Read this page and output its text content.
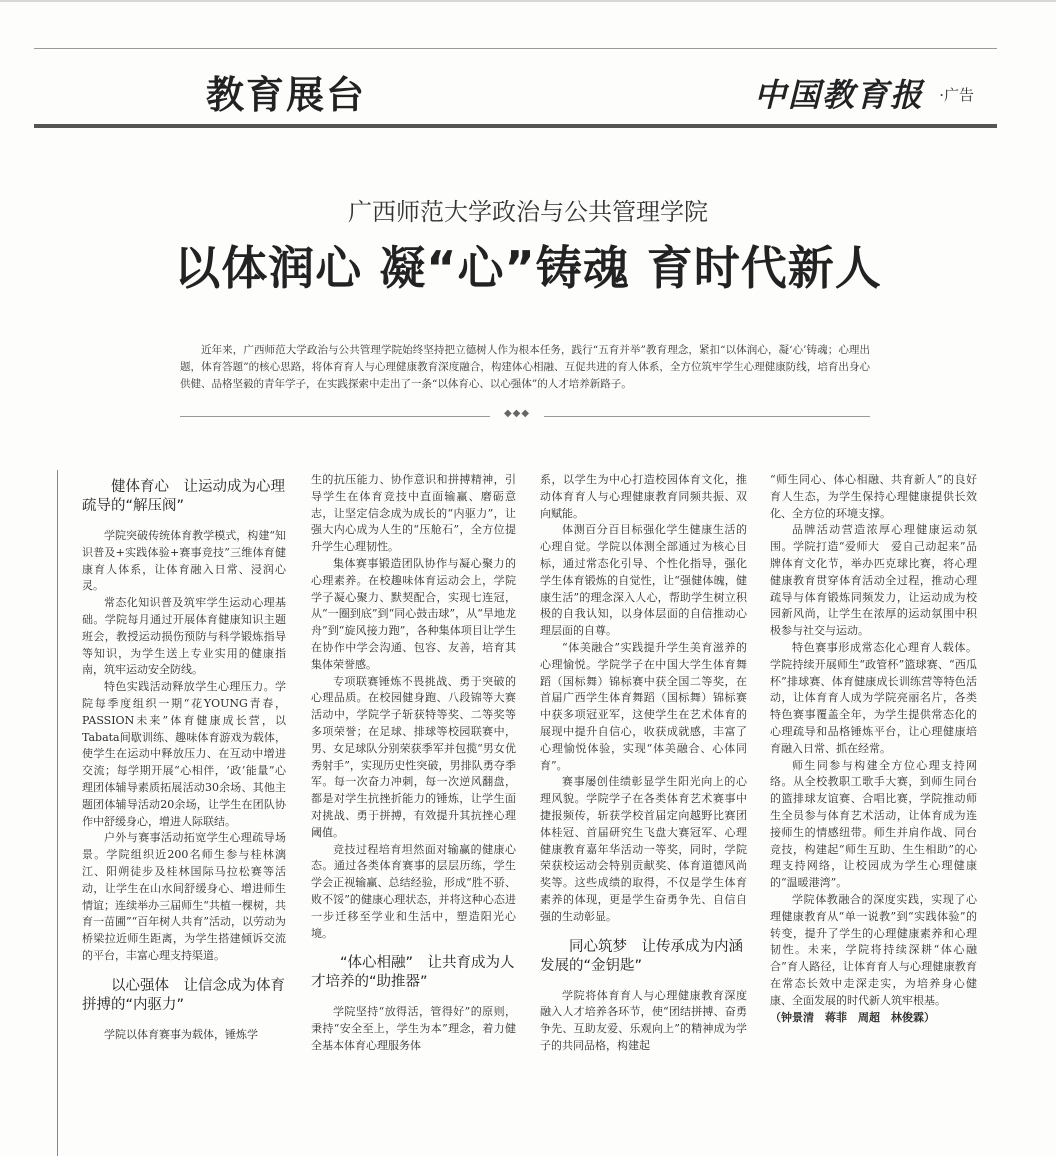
教育展台	中国教育报 ·广告
广西师范大学政治与公共管理学院
以体润心 凝“心”铸魂 育时代新人

近年来，广西师范大学政治与公共管理学院始终坚持把立德树人作为根本任务，践行“五育并举”教育理念，紧扣“以体润心，凝‘心’铸魂；心理出题，体育答题”的核心思路，将体育育人与心理健康教育深度融合，构建体心相融、互促共进的育人体系，全方位筑牢学生心理健康防线，培育出身心供健、品格坚毅的青年学子，在实践探索中走出了一条“以体育心、以心强体”的人才培养新路子。

◆◆◆
健体育心　让运动成为心理疏导的“解压阀”

学院突破传统体育教学模式，构建“知识普及+实践体验+赛事竞技”三维体育健康育人体系，让体育融入日常、浸润心灵。

常态化知识普及筑牢学生运动心理基础。学院每月通过开展体育健康知识主题班会，教授运动损伤预防与科学锻炼指导等知识，为学生送上专业实用的健康指南，筑牢运动安全防线。

特色实践活动释放学生心理压力。学院每季度组织一期“花YOUNG青春，PASSION未来”体育健康成长营，以Tabata间歇训练、趣味体育游戏为载体，使学生在运动中释放压力、在互动中增进交流；每学期开展“心相伴，‘政’能量”心理团体辅导素质拓展活动30余场、其他主题团体辅导活动20余场，让学生在团队协作中舒缓身心，增进人际联结。

户外与赛事活动拓宽学生心理疏导场景。学院组织近200名师生参与桂林漓江、阳朔徒步及桂林国际马拉松赛等活动，让学生在山水间舒缓身心、增进师生情谊；连续举办三届师生“共植一棵树，共育一苗圃”“百年树人共育”活动，以劳动为桥梁拉近师生距离，为学生搭建倾诉交流的平台，丰富心理支持渠道。

以心强体　让信念成为体育拼搏的“内驱力”

学院以体育赛事为载体，锤炼学

生的抗压能力、协作意识和拼搏精神，引导学生在体育竞技中直面输赢、磨砺意志，让坚定信念成为成长的“内驱力”，让强大内心成为人生的“压舱石”，全方位提升学生心理韧性。

集体赛事锻造团队协作与凝心聚力的心理素养。在校趣味体育运动会上，学院学子凝心聚力、默契配合，实现七连冠，从“一圈到底”到“同心鼓击球”，从“旱地龙舟”到“旋风接力跑”，各种集体项目让学生在协作中学会沟通、包容、友善，培育其集体荣誉感。

专项联赛锤炼不畏挑战、勇于突破的心理品质。在校园健身跑、八段锦等大赛活动中，学院学子斩获特等奖、二等奖等多项荣誉；在足球、排球等校园联赛中，男、女足球队分别荣获季军并包揽“男女优秀射手”，实现历史性突破，男排队勇夺季军。每一次奋力冲刺，每一次逆风翻盘，都是对学生抗挫折能力的锤炼，让学生面对挑战、勇于拼搏，有效提升其抗挫心理阈值。

竞技过程培育坦然面对输赢的健康心态。通过各类体育赛事的层层历练，学生学会正视输赢、总结经验，形成“胜不骄、败不馁”的健康心理状态，并将这种心态进一步迁移至学业和生活中，塑造阳光心境。

“体心相融”　让共育成为人才培养的“助推器”

学院坚持“放得活，管得好”的原则，秉持“安全至上，学生为本”理念，着力健全基本体育心理服务体

系，以学生为中心打造校园体育文化，推动体育育人与心理健康教育同频共振、双向赋能。

体测百分百目标强化学生健康生活的心理自觉。学院以体测全部通过为核心目标，通过常态化引导、个性化指导，强化学生体育锻炼的自觉性，让“强健体魄，健康生活”的理念深入人心，帮助学生树立积极的自我认知，以身体层面的自信推动心理层面的自尊。

“体美融合”实践提升学生美育滋养的心理愉悦。学院学子在中国大学生体育舞蹈（国标舞）锦标赛中获全国二等奖，在首届广西学生体育舞蹈（国标舞）锦标赛中获多项冠亚军，这使学生在艺术体育的展现中提升自信心，收获成就感，丰富了心理愉悦体验，实现“体美融合、心体同育”。

赛事屡创佳绩彰显学生阳光向上的心理风貌。学院学子在各类体育艺术赛事中捷报频传，斩获学校首届定向越野比赛团体桂冠、首届研究生飞盘大赛冠军、心理健康教育嘉年华活动一等奖，同时，学院荣获校运动会特别贡献奖、体育道德风尚奖等。这些成绩的取得，不仅是学生体育素养的体现，更是学生奋勇争先、自信自强的生动彰显。

同心筑梦　让传承成为内涵发展的“金钥匙”

学院将体育育人与心理健康教育深度融入人才培养各环节，使“团结拼搏、奋勇争先、互助友爱、乐观向上”的精神成为学子的共同品格，构建起

“师生同心、体心相融、共育新人”的良好育人生态，为学生保持心理健康提供长效化、全方位的环境支撑。

品牌活动营造浓厚心理健康运动氛围。学院打造“爱师大　爱自己动起来”品牌体育文化节，举办匹克球比赛，将心理健康教育贯穿体育活动全过程，推动心理疏导与体育锻炼同频发力，让运动成为校园新风尚，让学生在浓厚的运动氛围中积极参与社交与运动。

特色赛事形成常态化心理育人载体。学院持续开展师生“政管杯”篮球赛、“西瓜杯”排球赛、体育健康成长训练营等特色活动，让体育育人成为学院亮丽名片，各类特色赛事覆盖全年，为学生提供常态化的心理疏导和品格锤炼平台，让心理健康培育融入日常、抓在经常。

师生同参与构建全方位心理支持网络。从全校教职工歌手大赛，到师生同台的篮排球友谊赛、合唱比赛，学院推动师生全员参与体育艺术活动，让体育成为连接师生的情感纽带。师生并肩作战、同台竞技，构建起“师生互助、生生相助”的心理支持网络，让校园成为学生心理健康的“温暖港湾”。

学院体教融合的深度实践，实现了心理健康教育从“单一说教”到“实践体验”的转变，提升了学生的心理健康素养和心理韧性。未来，学院将持续深耕“体心融合”育人路径，让体育育人与心理健康教育在常态长效中走深走实，为培养身心健康、全面发展的时代新人筑牢根基。

（钟景清　蒋菲　周超　林俊霖）
